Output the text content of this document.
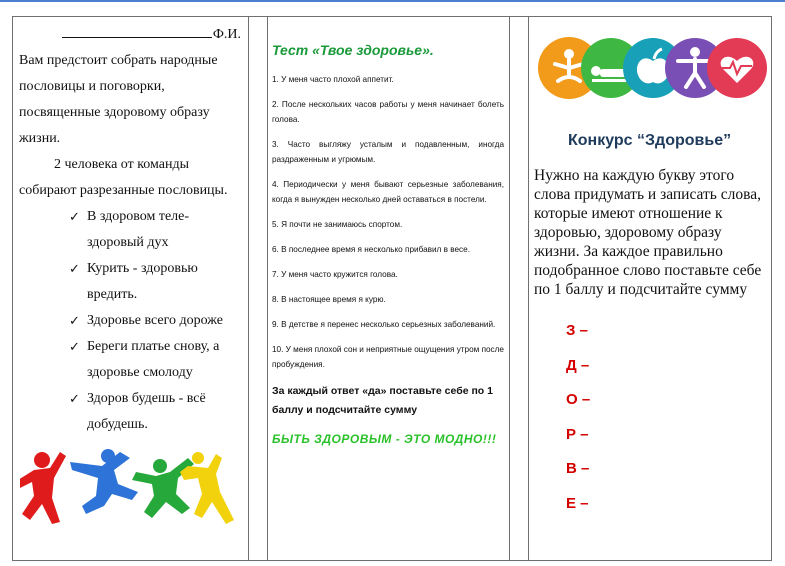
Ф.И.
Вам предстоит собрать народные пословицы и поговорки, посвященные здоровому образу жизни.
2 человека от команды собирают разрезанные пословицы.
✓ В здоровом теле- здоровый дух
✓ Курить - здоровью вредить.
✓ Здоровье всего дороже
✓ Береги платье снову, а здоровье смолоду
✓ Здоров будешь - всё добудешь.
Тест «Твое здоровье».
1. У меня часто плохой аппетит.
2. После нескольких часов работы у меня начинает болеть голова.
3. Часто выгляжу усталым и подавленным, иногда раздраженным и угрюмым.
4. Периодически у меня бывают серьезные заболевания, когда я вынужден несколько дней оставаться в постели.
5. Я почти не занимаюсь спортом.
6. В последнее время я несколько прибавил в весе.
7. У меня часто кружится голова.
8. В настоящее время я курю.
9. В детстве я перенес несколько серьезных заболеваний.
10. У меня плохой сон и неприятные ощущения утром после пробуждения.
За каждый ответ «да» поставьте себе по 1 баллу и подсчитайте сумму
БЫТЬ ЗДОРОВЫМ - ЭТО МОДНО!!!
Конкурс “Здоровье”
Нужно на каждую букву этого слова придумать и записать слова, которые имеют отношение к здоровью, здоровому образу жизни. За каждое правильно подобранное слово поставьте себе по 1 баллу и подсчитайте сумму
З –
Д –
О –
Р –
В –
Е –
